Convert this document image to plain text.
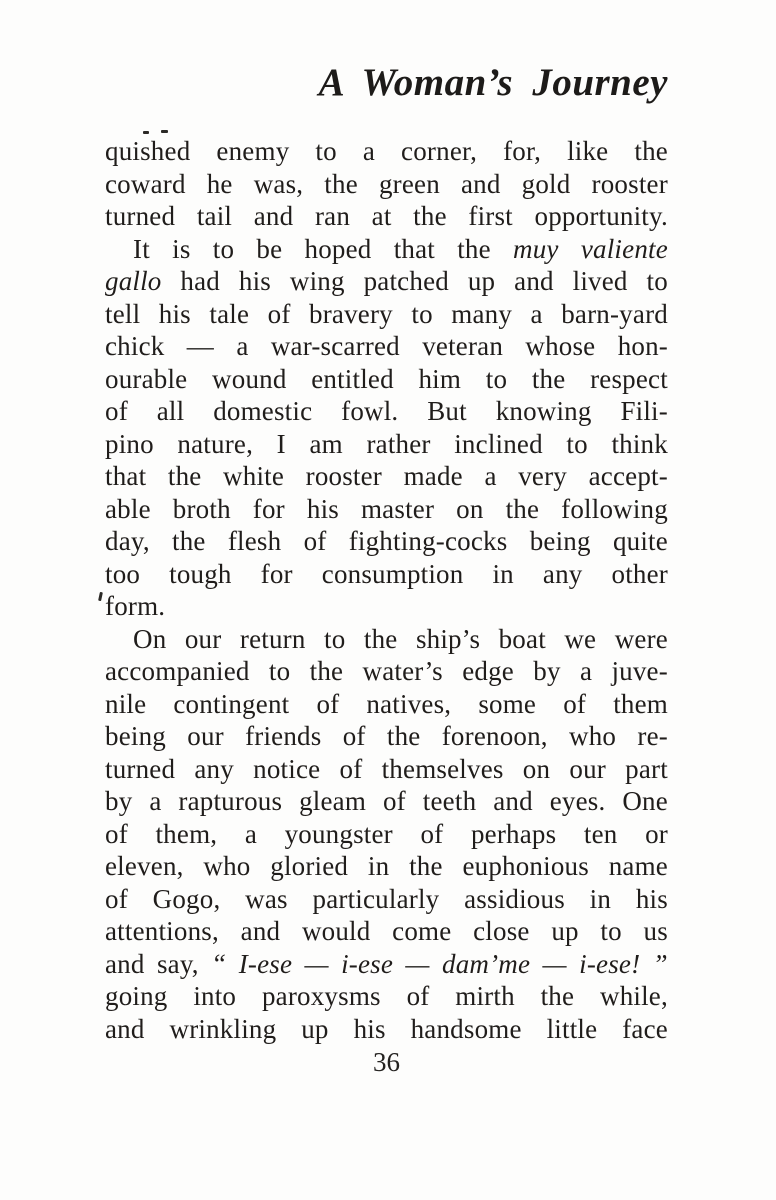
A Woman’s Journey
quished enemy to a corner, for, like the
coward he was, the green and gold rooster
turned tail and ran at the first opportunity.
It is to be hoped that the muy valiente
gallo had his wing patched up and lived to
tell his tale of bravery to many a barn-yard
chick — a war-scarred veteran whose hon-
ourable wound entitled him to the respect
of all domestic fowl. But knowing Fili-
pino nature, I am rather inclined to think
that the white rooster made a very accept-
able broth for his master on the following
day, the flesh of fighting-cocks being quite
too tough for consumption in any other
form.
On our return to the ship’s boat we were
accompanied to the water’s edge by a juve-
nile contingent of natives, some of them
being our friends of the forenoon, who re-
turned any notice of themselves on our part
by a rapturous gleam of teeth and eyes. One
of them, a youngster of perhaps ten or
eleven, who gloried in the euphonious name
of Gogo, was particularly assidious in his
attentions, and would come close up to us
and say, “ I-ese — i-ese — dam’me — i-ese! ”
going into paroxysms of mirth the while,
and wrinkling up his handsome little face
36
